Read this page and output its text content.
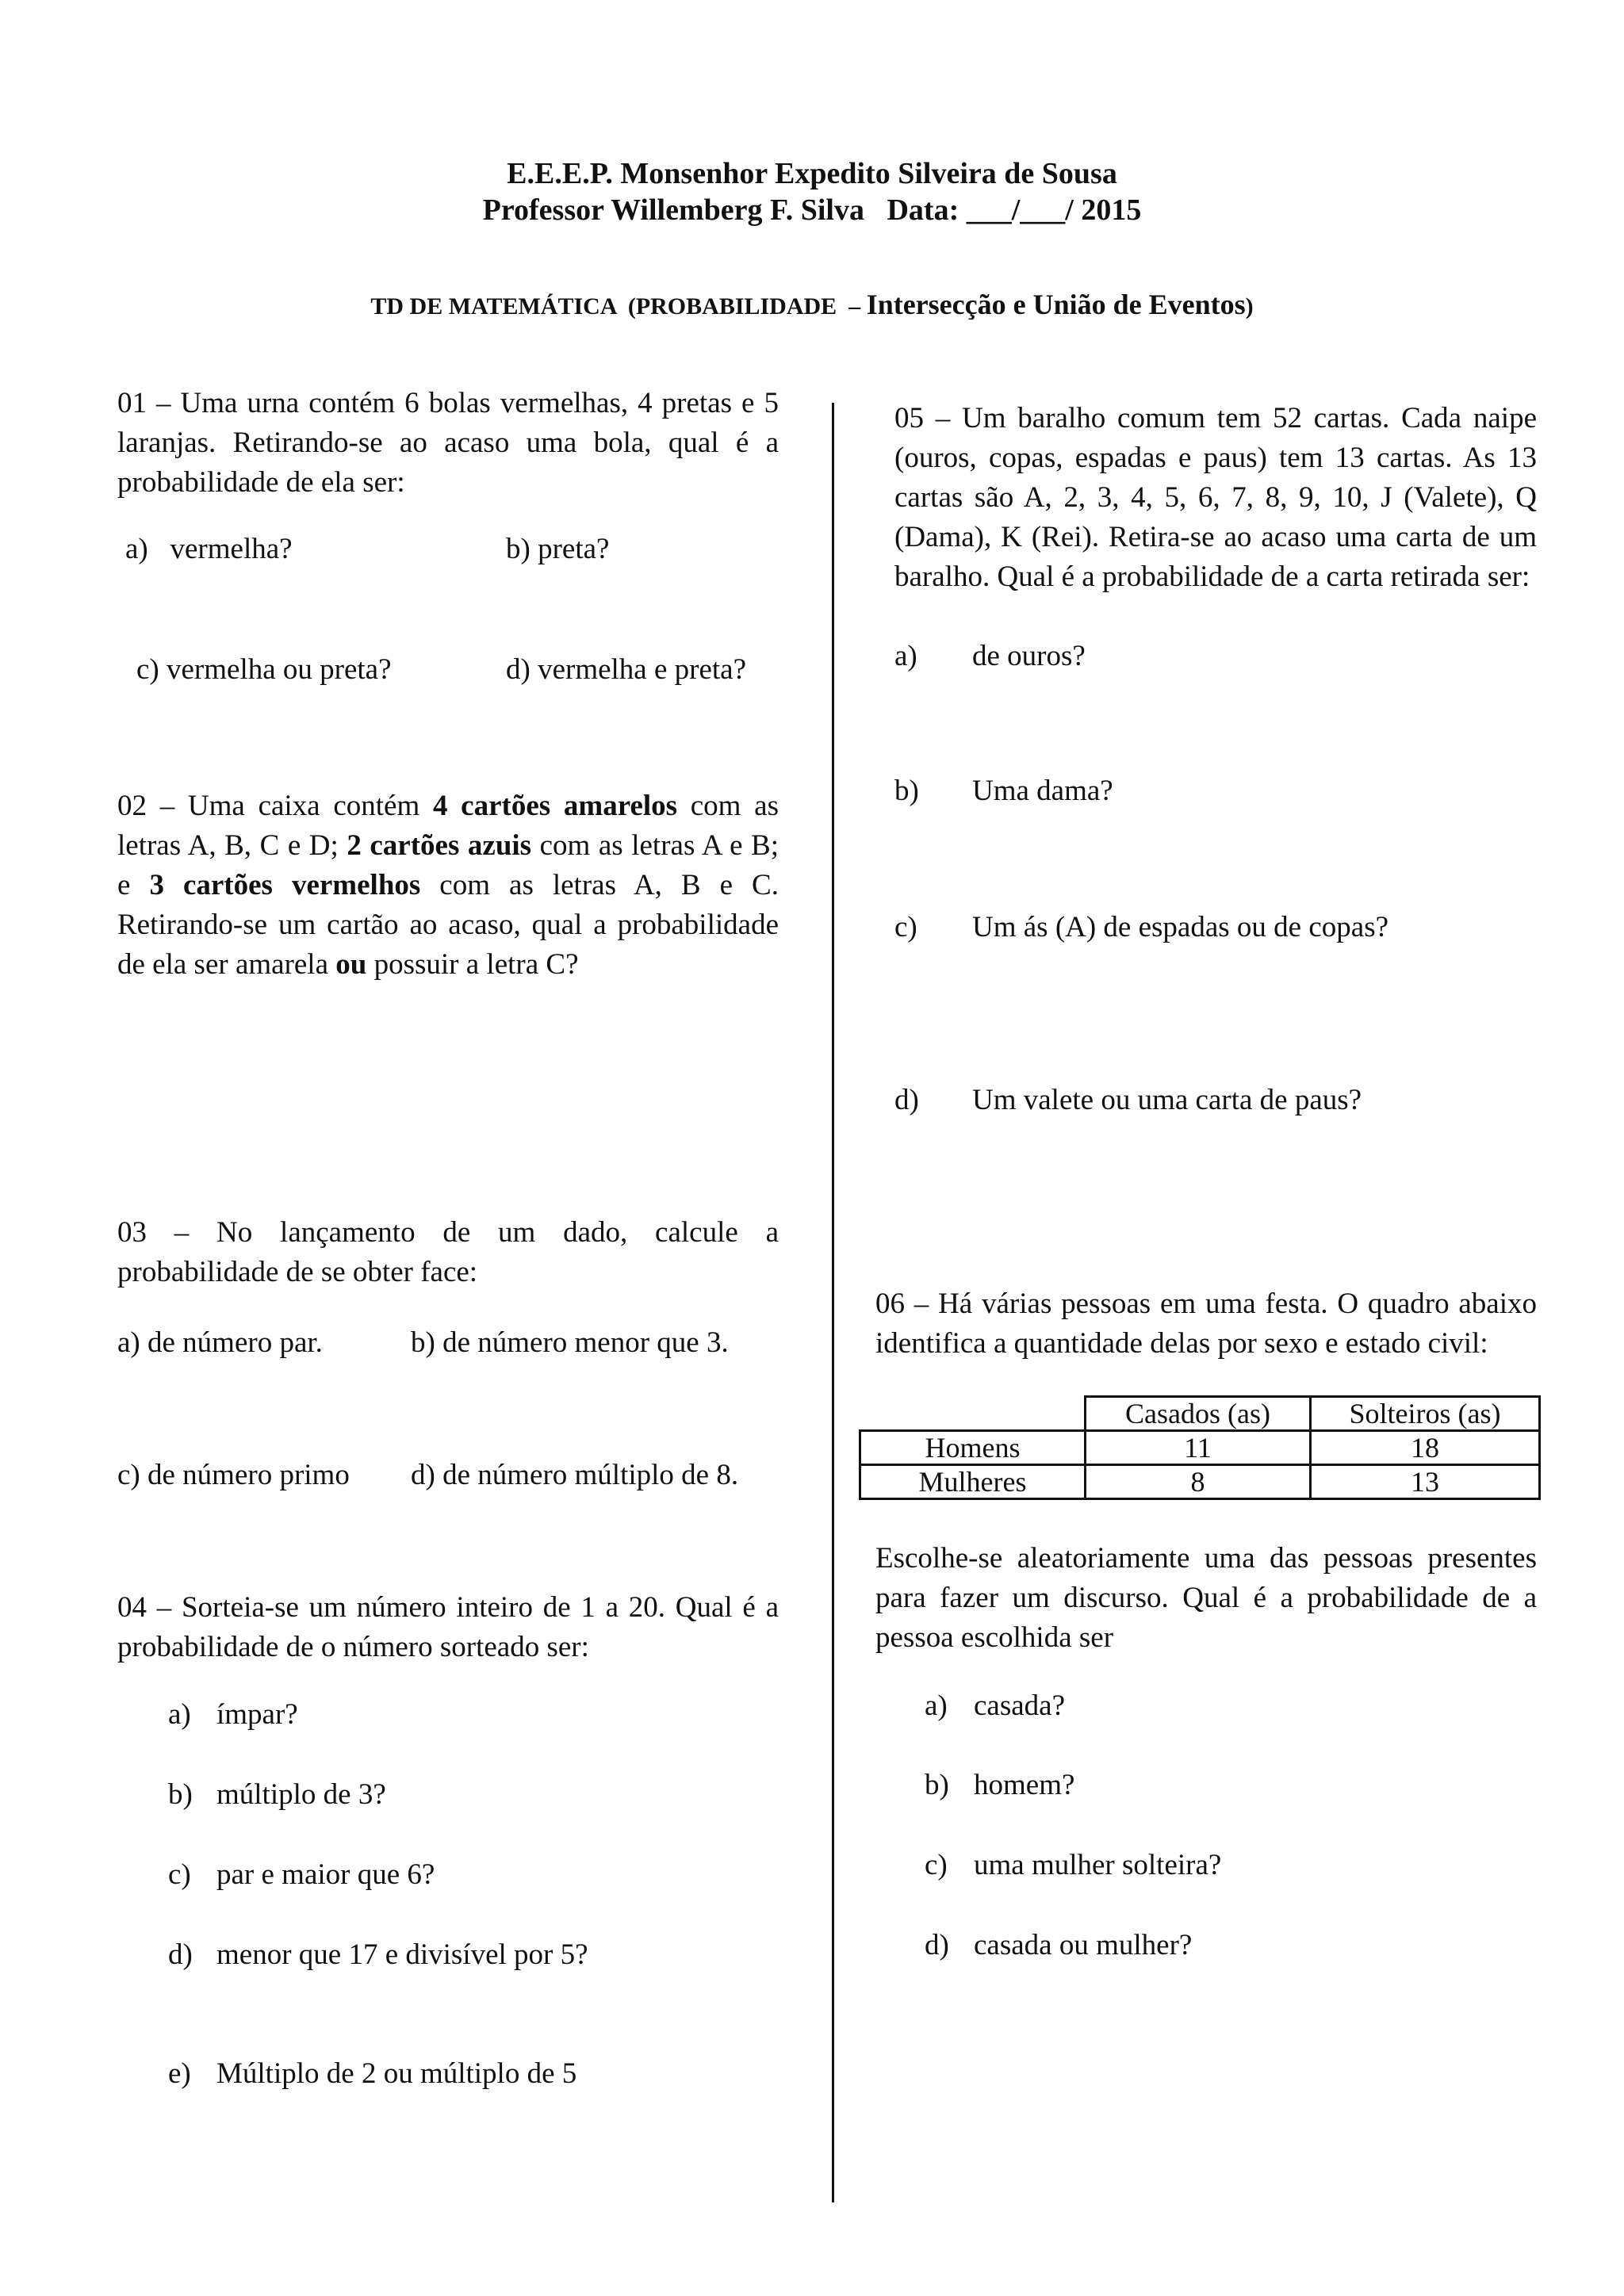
E.E.E.P. Monsenhor Expedito Silveira de Sousa
Professor Willemberg F. Silva   Data: ___/___/ 2015
TD DE MATEMÁTICA  (PROBABILIDADE  – Intersecção e União de Eventos)

01 – Uma urna contém 6 bolas vermelhas, 4 pretas e 5 laranjas. Retirando-se ao acaso uma bola, qual é a probabilidade de ela ser:

a)   vermelha?	b) preta?
c) vermelha ou preta?	d) vermelha e preta?

02 – Uma caixa contém 4 cartões amarelos com as letras A, B, C e D; 2 cartões azuis com as letras A e B; e 3 cartões vermelhos com as letras A, B e C. Retirando-se um cartão ao acaso, qual a probabilidade de ela ser amarela ou possuir a letra C?

03 – No lançamento de um dado, calcule a probabilidade de se obter face:

a) de número par.	b) de número menor que 3.
c) de número primo d) de número múltiplo de 8.

04 – Sorteia-se um número inteiro de 1 a 20. Qual é a probabilidade de o número sorteado ser:

a) ímpar?
b) múltiplo de 3?
c) par e maior que 6?
d) menor que 17 e divisível por 5?
e) Múltiplo de 2 ou múltiplo de 5

05 – Um baralho comum tem 52 cartas. Cada naipe (ouros, copas, espadas e paus) tem 13 cartas. As 13 cartas são A, 2, 3, 4, 5, 6, 7, 8, 9, 10, J (Valete), Q (Dama), K (Rei). Retira-se ao acaso uma carta de um baralho. Qual é a probabilidade de a carta retirada ser:

a) de ouros?
b) Uma dama?
c) Um ás (A) de espadas ou de copas?
d) Um valete ou uma carta de paus?

06 – Há várias pessoas em uma festa. O quadro abaixo identifica a quantidade delas por sexo e estado civil:

	Casados (as)	Solteiros (as)
Homens	11	18
Mulheres	8	13

Escolhe-se aleatoriamente uma das pessoas presentes para fazer um discurso. Qual é a probabilidade de a pessoa escolhida ser

a) casada?
b) homem?
c) uma mulher solteira?
d) casada ou mulher?
